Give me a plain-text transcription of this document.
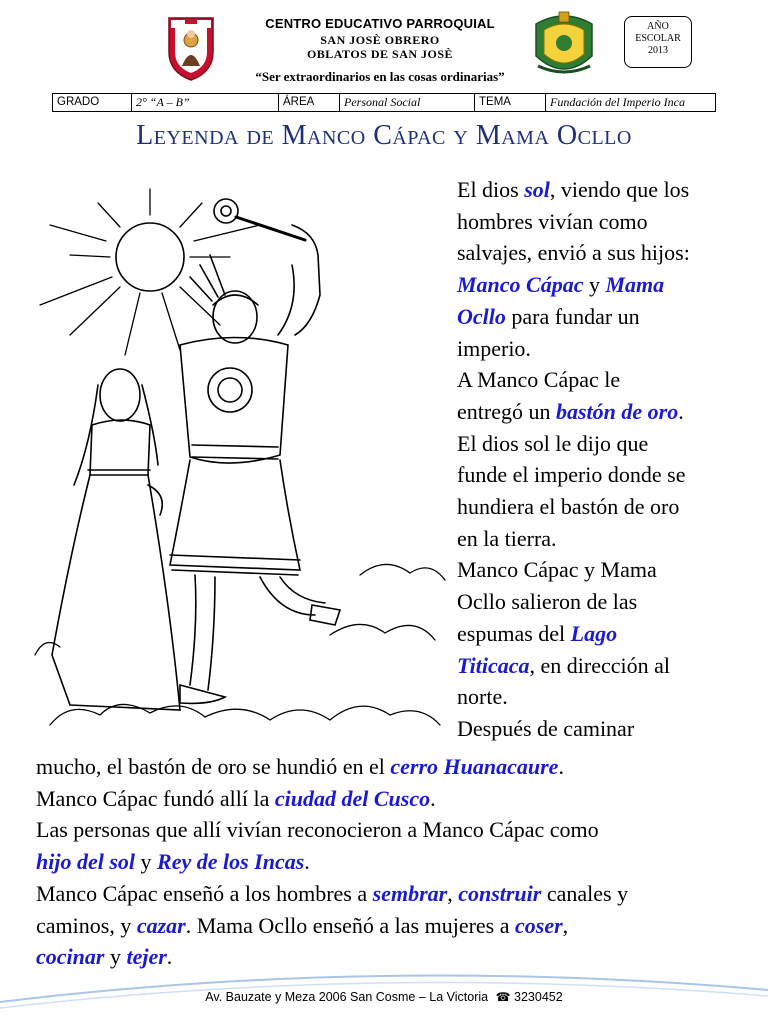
CENTRO EDUCATIVO PARROQUIAL
SAN JOSÈ OBRERO
OBLATOS DE SAN JOSÈ
“Ser extraordinarios en las cosas ordinarias”
AÑO
ESCOLAR
2013
GRADO	2° “A – B”	ÁREA	Personal Social	TEMA	Fundación del Imperio Inca
Leyenda de Manco Cápac y Mama Ocllo

El dios sol, viendo que los

hombres vivían como

salvajes, envió a sus hijos:

Manco Cápac y Mama

Ocllo para fundar un

imperio.

A Manco Cápac le

entregó un bastón de oro.

El dios sol le dijo que

funde el imperio donde se

hundiera el bastón de oro

en la tierra.

Manco Cápac y Mama

Ocllo salieron de las

espumas del Lago

Titicaca, en dirección al

norte.

Después de caminar

mucho, el bastón de oro se hundió en el cerro Huanacaure.

Manco Cápac fundó allí la ciudad del Cusco.

Las personas que allí vivían reconocieron a Manco Cápac como

hijo del sol y Rey de los Incas.

Manco Cápac enseñó a los hombres a sembrar, construir canales y

caminos, y cazar. Mama Ocllo enseñó a las mujeres a coser,

cocinar y tejer.

Av. Bauzate y Meza 2006 San Cosme – La Victoria ☎ 3230452
